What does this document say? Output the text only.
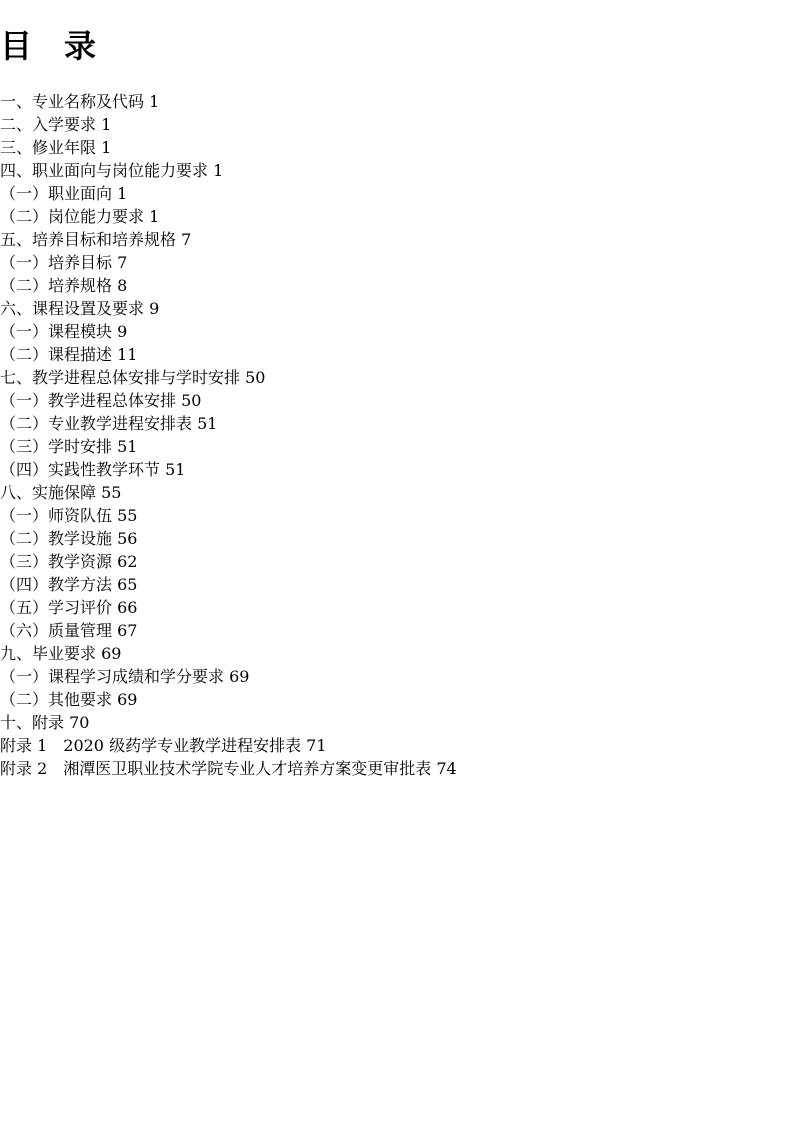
目　录
一、专业名称及代码 1
二、入学要求 1
三、修业年限 1
四、职业面向与岗位能力要求 1
（一）职业面向 1
（二）岗位能力要求 1
五、培养目标和培养规格 7
（一）培养目标 7
（二）培养规格 8
六、课程设置及要求 9
（一）课程模块 9
（二）课程描述 11
七、教学进程总体安排与学时安排 50
（一）教学进程总体安排 50
（二）专业教学进程安排表 51
（三）学时安排 51
（四）实践性教学环节 51
八、实施保障 55
（一）师资队伍 55
（二）教学设施 56
（三）教学资源 62
（四）教学方法 65
（五）学习评价 66
（六）质量管理 67
九、毕业要求 69
（一）课程学习成绩和学分要求 69
（二）其他要求 69
十、附录 70
附录 1　2020 级药学专业教学进程安排表 71
附录 2　湘潭医卫职业技术学院专业人才培养方案变更审批表 74
